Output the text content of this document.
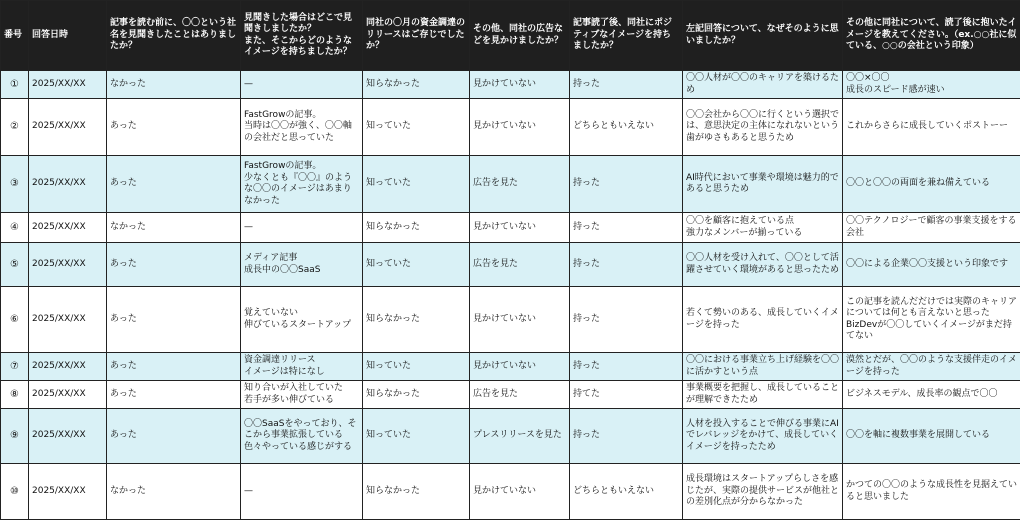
番号	回答日時	記事を読む前に、〇〇という社名を見聞きしたことはありましたか？	見聞きした場合はどこで見聞きしましたか？
また、そこからどのようなイメージを持ちましたか？	同社の〇月の資金調達のリリースはご存じでしたか？	その他、同社の広告などを見かけましたか？	記事読了後、同社にポジティブなイメージを持ちましたか？	左記回答について、なぜそのように思いましたか？	その他に同社について、読了後に抱いたイメージを教えてください。（ex.○○社に似ている、○○の会社という印象）
①	2025/XX/XX	なかった	—	知らなかった	見かけていない	持った	〇〇人材が〇〇のキャリアを築けるため	〇〇×〇〇
成長のスピード感が速い
②	2025/XX/XX	あった	FastGrowの記事。
当時は〇〇が強く、〇〇軸の会社だと思っていた	知っていた	見かけていない	どちらともいえない	〇〇会社から〇〇に行くという選択では、意思決定の主体になれないという歯がゆさもあると思うため	これからさらに成長していくポストーー
③	2025/XX/XX	あった	FastGrowの記事。
少なくとも『〇〇』のような〇〇のイメージはあまりなかった	知っていた	広告を見た	持った	AI時代において事業や環境は魅力的であると思うため	〇〇と〇〇の両面を兼ね備えている
④	2025/XX/XX	なかった	—	知らなかった	見かけていない	持った	〇〇を顧客に抱えている点
強力なメンバーが揃っている	〇〇テクノロジーで顧客の事業支援をする会社
⑤	2025/XX/XX	あった	メディア記事
成長中の〇〇SaaS	知っていた	広告を見た	持った	〇〇人材を受け入れて、〇〇として活躍させていく環境があると思ったため	〇〇による企業〇〇支援という印象です
⑥	2025/XX/XX	あった	覚えていない
伸びているスタートアップ	知らなかった	見かけていない	持った	若くて勢いのある、成長していくイメージを持った	この記事を読んだだけでは実際のキャリアについては何とも言えないと思った
BizDevが〇〇していくイメージがまだ持てない
⑦	2025/XX/XX	あった	資金調達リリース
イメージは特になし	知っていた	見かけていない	持った	〇〇における事業立ち上げ経験を〇〇に活かすという点	漠然とだが、〇〇のような支援伴走のイメージを持った
⑧	2025/XX/XX	あった	知り合いが入社していた
若手が多い伸びている	知らなかった	広告を見た	持てた	事業概要を把握し、成長していることが理解できたため	ビジネスモデル、成長率の観点で〇〇
⑨	2025/XX/XX	あった	〇〇SaaSをやっており、そこから事業拡張している色々やっている感じがする	知っていた	プレスリリースを見た	持った	人材を投入することで伸びる事業にAIでレバレッジをかけて、成長していくイメージを持ったため	〇〇を軸に複数事業を展開している
⑩	2025/XX/XX	なかった	—	知らなかった	見かけていない	どちらともいえない	成長環境はスタートアップらしさを感じたが、実際の提供サービスが他社との差別化点が分からなかった	かつての〇〇のような成長性を見据えていると思いました
